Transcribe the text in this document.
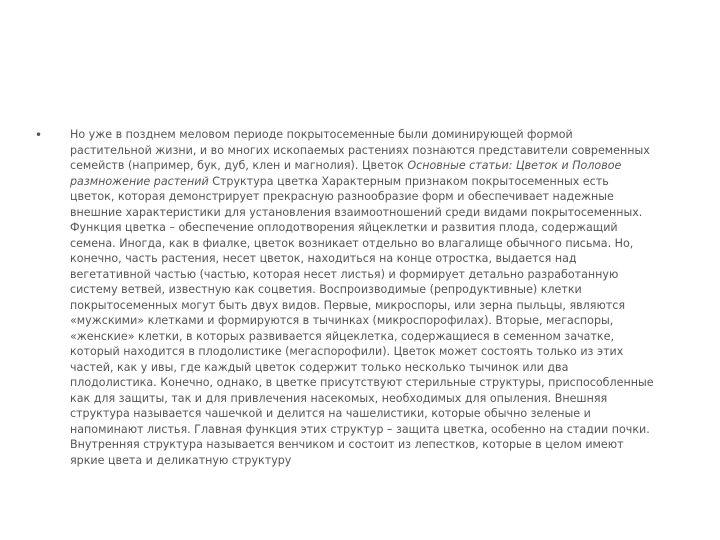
•	Но уже в позднем меловом периоде покрытосеменные были доминирующей формой растительной жизни, и во многих ископаемых растениях познаются представители современных семейств (например, бук, дуб, клен и магнолия). Цветок Основные статьи: Цветок и Половое размножение растений Структура цветка Характерным признаком покрытосеменных есть цветок, которая демонстрирует прекрасную разнообразие форм и обеспечивает надежные внешние характеристики для установления взаимоотношений среди видами покрытосеменных. Функция цветка – обеспечение оплодотворения яйцеклетки и развития плода, содержащий семена. Иногда, как в фиалке, цветок возникает отдельно во влагалище обычного письма. Но, конечно, часть растения, несет цветок, находиться на конце отростка, выдается над вегетативной частью (частью, которая несет листья) и формирует детально разработанную систему ветвей, известную как соцветия. Воспроизводимые (репродуктивные) клетки покрытосеменных могут быть двух видов. Первые, микроспоры, или зерна пыльцы, являются «мужскими» клетками и формируются в тычинках (микроспорофилах). Вторые, мегаспоры, «женские» клетки, в которых развивается яйцеклетка, содержащиеся в семенном зачатке, который находится в плодолистике (мегаспорофили). Цветок может состоять только из этих частей, как у ивы, где каждый цветок содержит только несколько тычинок или два плодолистика. Конечно, однако, в цветке присутствуют стерильные структуры, приспособленные как для защиты, так и для привлечения насекомых, необходимых для опыления. Внешняя структура называется чашечкой и делится на чашелистики, которые обычно зеленые и напоминают листья. Главная функция этих структур – защита цветка, особенно на стадии почки. Внутренняя структура называется венчиком и состоит из лепестков, которые в целом имеют яркие цвета и деликатную структуру
